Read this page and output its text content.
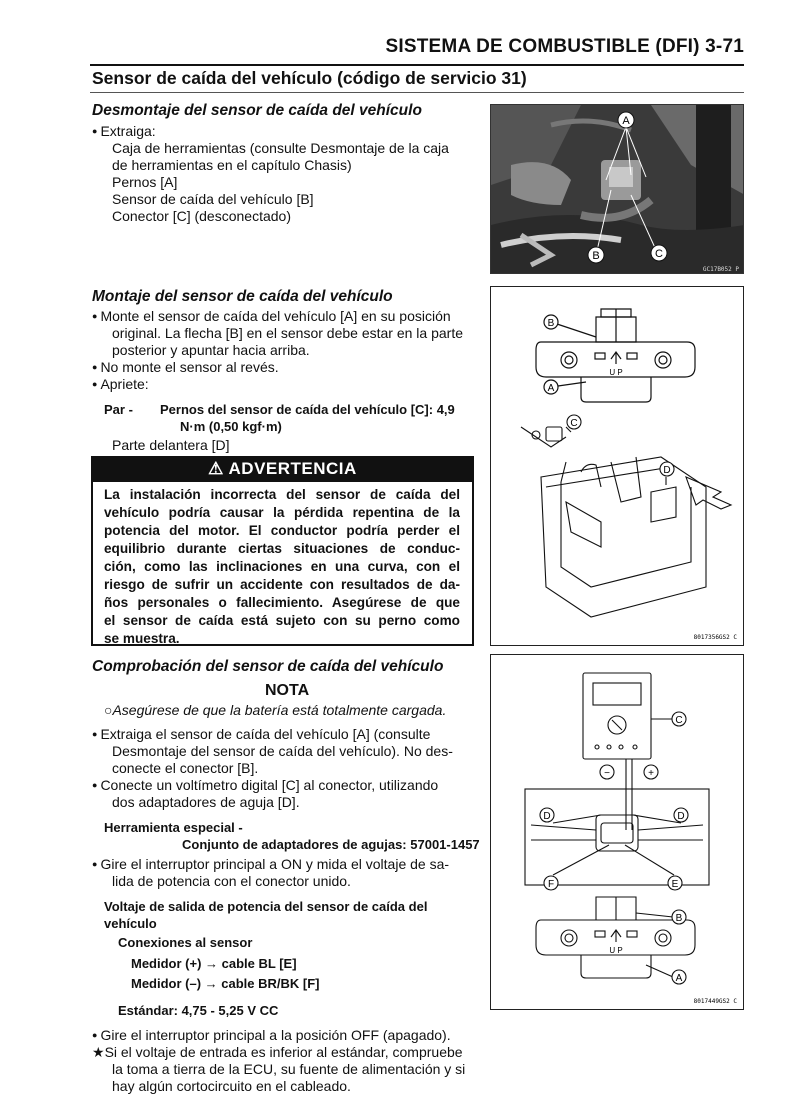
SISTEMA DE COMBUSTIBLE (DFI) 3-71
Sensor de caída del vehículo (código de servicio 31)
Desmontaje del sensor de caída del vehículo
● Extraiga:
Caja de herramientas (consulte Desmontaje de la caja
de herramientas en el capítulo Chasis)
Pernos [A]
Sensor de caída del vehículo [B]
Conector [C] (desconectado)
A
B	C
GC17B052 P
Montaje del sensor de caída del vehículo
● Monte el sensor de caída del vehículo [A] en su posición
original. La flecha [B] en el sensor debe estar en la parte
posterior y apuntar hacia arriba.
● No monte el sensor al revés.
● Apriete:
Par - Pernos del sensor de caída del vehículo [C]: 4,9
N·m (0,50 kgf·m)
Parte delantera [D]
B
A
U P
C
D
8017356GS2 C
⚠ ADVERTENCIA
La instalación incorrecta del sensor de caída del
vehículo podría causar la pérdida repentina de la
potencia del motor. El conductor podría perder el
equilibrio durante ciertas situaciones de conduc-
ción, como las inclinaciones en una curva, con el
riesgo de sufrir un accidente con resultados de da-
ños personales o fallecimiento. Asegúrese de que
el sensor de caída está sujeto con su perno como
se muestra.
Comprobación del sensor de caída del vehículo
NOTA
○Asegúrese de que la batería está totalmente cargada.
● Extraiga el sensor de caída del vehículo [A] (consulte
Desmontaje del sensor de caída del vehículo). No des-
conecte el conector [B].
● Conecte un voltímetro digital [C] al conector, utilizando
dos adaptadores de aguja [D].
Herramienta especial -
Conjunto de adaptadores de agujas: 57001-1457
● Gire el interruptor principal a ON y mida el voltaje de sa-
lida de potencia con el conector unido.
Voltaje de salida de potencia del sensor de caída del
vehículo
Conexiones al sensor
Medidor (+) → cable BL [E]
Medidor (–) → cable BR/BK [F]
Estándar: 4,75 - 5,25 V CC
● Gire el interruptor principal a la posición OFF (apagado).
★Si el voltaje de entrada es inferior al estándar, compruebe
la toma a tierra de la ECU, su fuente de alimentación y si
hay algún cortocircuito en el cableado.
C
−	+
D	D
F	E
U P
B
A
8017449GS2 C
